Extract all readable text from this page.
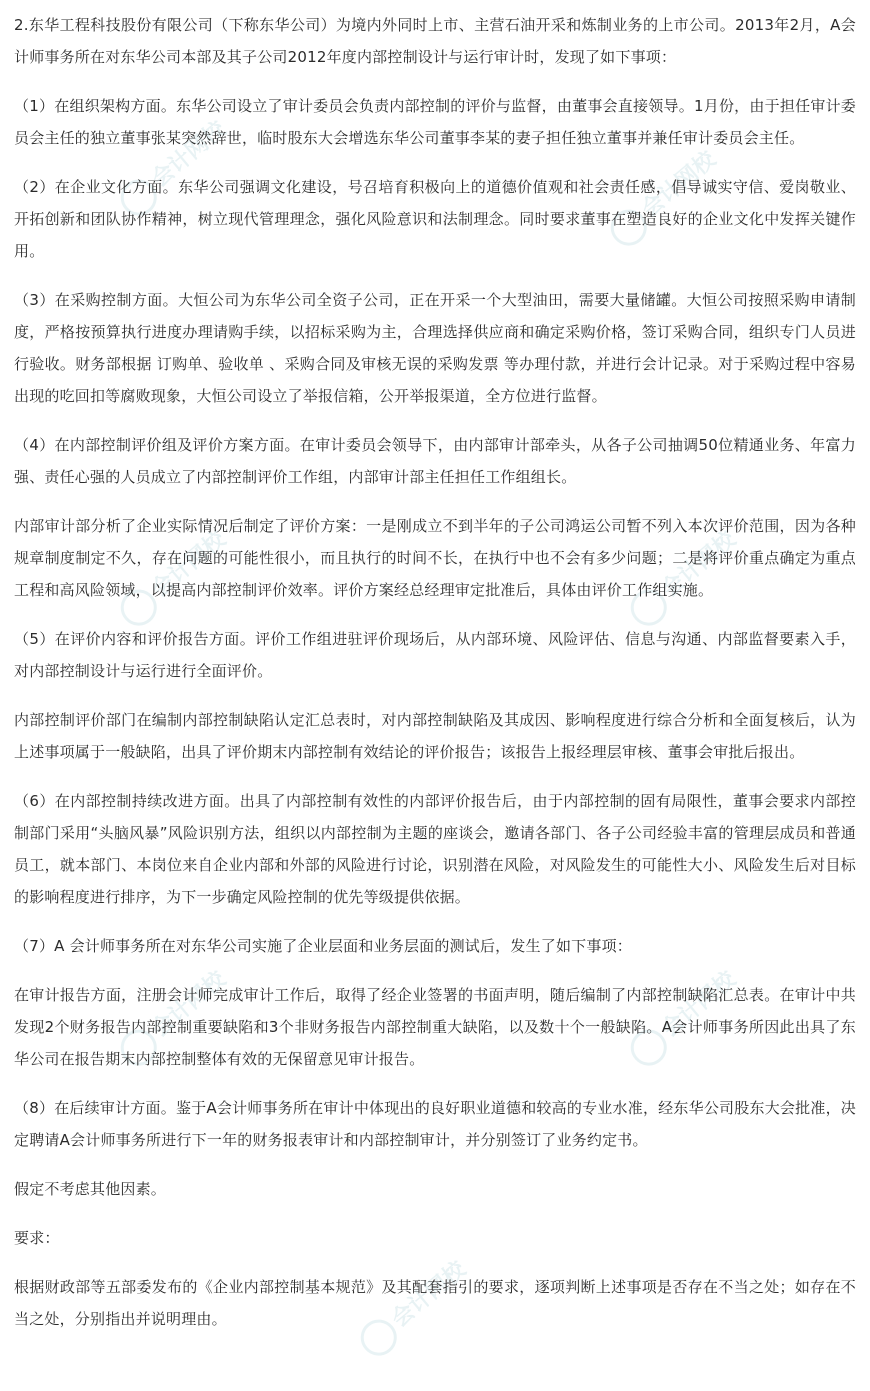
会计网校	会计网校
会计网校	会计网校
会计网校	会计网校
会计网校

2.东华工程科技股份有限公司（下称东华公司）为境内外同时上市、主营石油开采和炼制业务的上市公司。2013年2月，A会计师事务所在对东华公司本部及其子公司2012年度内部控制设计与运行审计时，发现了如下事项：

（1）在组织架构方面。东华公司设立了审计委员会负责内部控制的评价与监督，由董事会直接领导。1月份，由于担任审计委员会主任的独立董事张某突然辞世，临时股东大会增选东华公司董事李某的妻子担任独立董事并兼任审计委员会主任。

（2）在企业文化方面。东华公司强调文化建设，号召培育积极向上的道德价值观和社会责任感，倡导诚实守信、爱岗敬业、开拓创新和团队协作精神，树立现代管理理念，强化风险意识和法制理念。同时要求董事在塑造良好的企业文化中发挥关键作用。

（3）在采购控制方面。大恒公司为东华公司全资子公司，正在开采一个大型油田，需要大量储罐。大恒公司按照采购申请制度，严格按预算执行进度办理请购手续，以招标采购为主，合理选择供应商和确定采购价格，签订采购合同，组织专门人员进行验收。财务部根据 订购单、验收单 、采购合同及审核无误的采购发票 等办理付款，并进行会计记录。对于采购过程中容易出现的吃回扣等腐败现象，大恒公司设立了举报信箱，公开举报渠道，全方位进行监督。

（4）在内部控制评价组及评价方案方面。在审计委员会领导下，由内部审计部牵头，从各子公司抽调50位精通业务、年富力强、责任心强的人员成立了内部控制评价工作组，内部审计部主任担任工作组组长。

内部审计部分析了企业实际情况后制定了评价方案：一是刚成立不到半年的子公司鸿运公司暂不列入本次评价范围，因为各种规章制度制定不久，存在问题的可能性很小，而且执行的时间不长，在执行中也不会有多少问题；二是将评价重点确定为重点工程和高风险领域，以提高内部控制评价效率。评价方案经总经理审定批准后，具体由评价工作组实施。

（5）在评价内容和评价报告方面。评价工作组进驻评价现场后，从内部环境、风险评估、信息与沟通、内部监督要素入手，对内部控制设计与运行进行全面评价。

内部控制评价部门在编制内部控制缺陷认定汇总表时，对内部控制缺陷及其成因、影响程度进行综合分析和全面复核后，认为上述事项属于一般缺陷，出具了评价期末内部控制有效结论的评价报告；该报告上报经理层审核、董事会审批后报出。

（6）在内部控制持续改进方面。出具了内部控制有效性的内部评价报告后，由于内部控制的固有局限性，董事会要求内部控制部门采用“头脑风暴”风险识别方法，组织以内部控制为主题的座谈会，邀请各部门、各子公司经验丰富的管理层成员和普通员工，就本部门、本岗位来自企业内部和外部的风险进行讨论，识别潜在风险，对风险发生的可能性大小、风险发生后对目标的影响程度进行排序，为下一步确定风险控制的优先等级提供依据。

（7）A 会计师事务所在对东华公司实施了企业层面和业务层面的测试后，发生了如下事项：

在审计报告方面，注册会计师完成审计工作后，取得了经企业签署的书面声明，随后编制了内部控制缺陷汇总表。在审计中共发现2个财务报告内部控制重要缺陷和3个非财务报告内部控制重大缺陷，以及数十个一般缺陷。A会计师事务所因此出具了东华公司在报告期末内部控制整体有效的无保留意见审计报告。

（8）在后续审计方面。鉴于A会计师事务所在审计中体现出的良好职业道德和较高的专业水准，经东华公司股东大会批准，决定聘请A会计师事务所进行下一年的财务报表审计和内部控制审计，并分别签订了业务约定书。

假定不考虑其他因素。

要求：

根据财政部等五部委发布的《企业内部控制基本规范》及其配套指引的要求，逐项判断上述事项是否存在不当之处；如存在不当之处，分别指出并说明理由。
